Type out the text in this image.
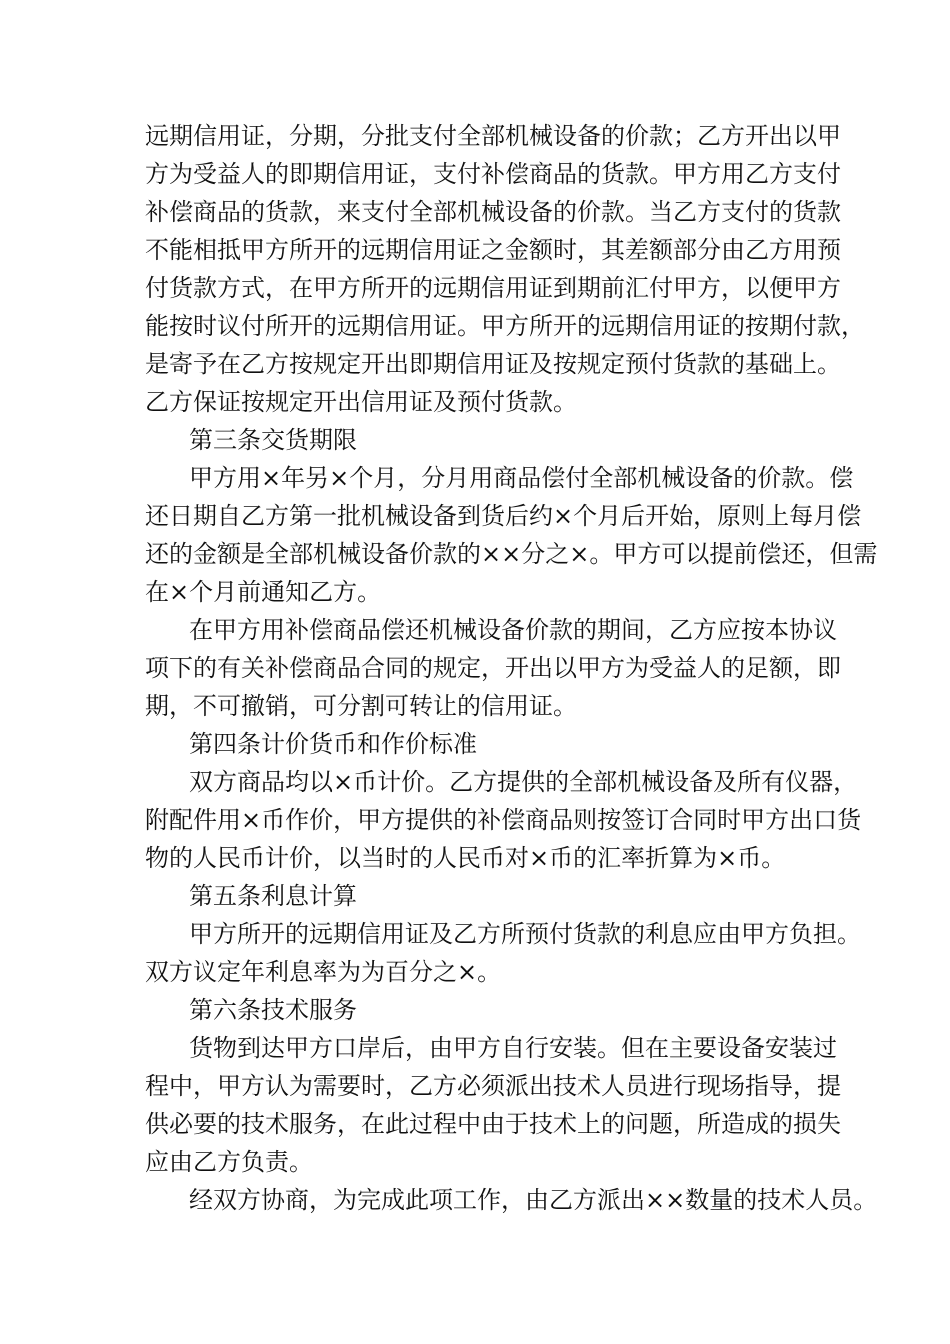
远期信用证，分期，分批支付全部机械设备的价款；乙方开出以甲
方为受益人的即期信用证，支付补偿商品的货款。甲方用乙方支付
补偿商品的货款，来支付全部机械设备的价款。当乙方支付的货款
不能相抵甲方所开的远期信用证之金额时，其差额部分由乙方用预
付货款方式，在甲方所开的远期信用证到期前汇付甲方，以便甲方
能按时议付所开的远期信用证。甲方所开的远期信用证的按期付款，
是寄予在乙方按规定开出即期信用证及按规定预付货款的基础上。
乙方保证按规定开出信用证及预付货款。
第三条交货期限
甲方用×年另×个月，分月用商品偿付全部机械设备的价款。偿
还日期自乙方第一批机械设备到货后约×个月后开始，原则上每月偿
还的金额是全部机械设备价款的××分之×。甲方可以提前偿还，但需
在×个月前通知乙方。
在甲方用补偿商品偿还机械设备价款的期间，乙方应按本协议
项下的有关补偿商品合同的规定，开出以甲方为受益人的足额，即
期，不可撤销，可分割可转让的信用证。
第四条计价货币和作价标准
双方商品均以×币计价。乙方提供的全部机械设备及所有仪器，
附配件用×币作价，甲方提供的补偿商品则按签订合同时甲方出口货
物的人民币计价，以当时的人民币对×币的汇率折算为×币。
第五条利息计算
甲方所开的远期信用证及乙方所预付货款的利息应由甲方负担。
双方议定年利息率为为百分之×。
第六条技术服务
货物到达甲方口岸后，由甲方自行安装。但在主要设备安装过
程中，甲方认为需要时，乙方必须派出技术人员进行现场指导，提
供必要的技术服务，在此过程中由于技术上的问题，所造成的损失
应由乙方负责。
经双方协商，为完成此项工作，由乙方派出××数量的技术人员。
